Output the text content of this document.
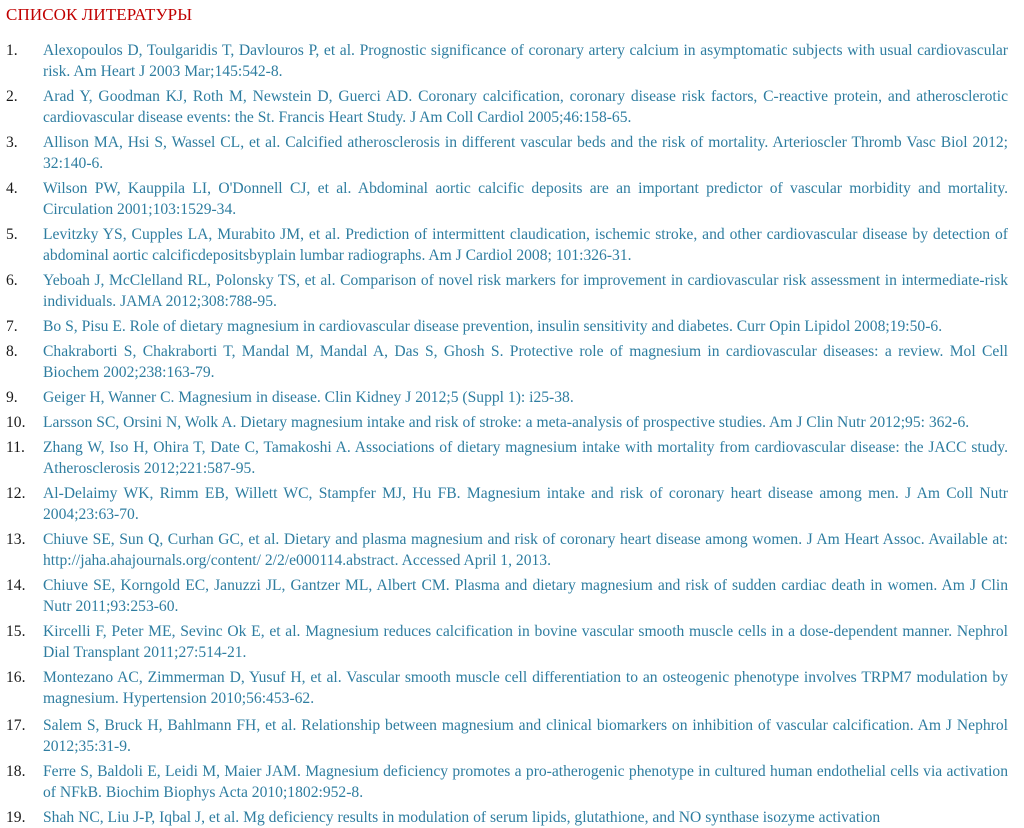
СПИСОК ЛИТЕРАТУРЫ
1.	Alexopoulos D, Toulgaridis T, Davlouros P, et al. Prognostic significance of coronary artery calcium in asymptomatic subjects with usual cardiovascular risk. Am Heart J 2003 Mar;145:542-8.
2.	Arad Y, Goodman KJ, Roth M, Newstein D, Guerci AD. Coronary calcification, coronary disease risk factors, C-reactive protein, and atherosclerotic cardiovascular disease events: the St. Francis Heart Study. J Am Coll Cardiol 2005;46:158-65.
3.	Allison MA, Hsi S, Wassel CL, et al. Calcified atherosclerosis in different vascular beds and the risk of mortality. Arterioscler Thromb Vasc Biol 2012; 32:140-6.
4.	Wilson PW, Kauppila LI, O'Donnell CJ, et al. Abdominal aortic calcific deposits are an important predictor of vascular morbidity and mortality. Circulation 2001;103:1529-34.
5.	Levitzky YS, Cupples LA, Murabito JM, et al. Prediction of intermittent claudication, ischemic stroke, and other cardiovascular disease by detection of abdominal aortic calcificdepositsbyplain lumbar radiographs. Am J Cardiol 2008; 101:326-31.
6.	Yeboah J, McClelland RL, Polonsky TS, et al. Comparison of novel risk markers for improvement in cardiovascular risk assessment in intermediate-risk individuals. JAMA 2012;308:788-95.
7.	Bo S, Pisu E. Role of dietary magnesium in cardiovascular disease prevention, insulin sensitivity and diabetes. Curr Opin Lipidol 2008;19:50-6.
8.	Chakraborti S, Chakraborti T, Mandal M, Mandal A, Das S, Ghosh S. Protective role of magnesium in cardiovascular diseases: a review. Mol Cell Biochem 2002;238:163-79.
9.	Geiger H, Wanner C. Magnesium in disease. Clin Kidney J 2012;5 (Suppl 1): i25-38.
10.	Larsson SC, Orsini N, Wolk A. Dietary magnesium intake and risk of stroke: a meta-analysis of prospective studies. Am J Clin Nutr 2012;95: 362-6.
11.	Zhang W, Iso H, Ohira T, Date C, Tamakoshi A. Associations of dietary magnesium intake with mortality from cardiovascular disease: the JACC study. Atherosclerosis 2012;221:587-95.
12.	Al-Delaimy WK, Rimm EB, Willett WC, Stampfer MJ, Hu FB. Magnesium intake and risk of coronary heart disease among men. J Am Coll Nutr 2004;23:63-70.
13.	Chiuve SE, Sun Q, Curhan GC, et al. Dietary and plasma magnesium and risk of coronary heart disease among women. J Am Heart Assoc. Available at: http://jaha.ahajournals.org/content/ 2/2/e000114.abstract. Accessed April 1, 2013.
14.	Chiuve SE, Korngold EC, Januzzi JL, Gantzer ML, Albert CM. Plasma and dietary magnesium and risk of sudden cardiac death in women. Am J Clin Nutr 2011;93:253-60.
15.	Kircelli F, Peter ME, Sevinc Ok E, et al. Magnesium reduces calcification in bovine vascular smooth muscle cells in a dose-dependent manner. Nephrol Dial Transplant 2011;27:514-21.
16.	Montezano AC, Zimmerman D, Yusuf H, et al. Vascular smooth muscle cell differentiation to an osteogenic phenotype involves TRPM7 modulation by magnesium. Hypertension 2010;56:453-62.
17.	Salem S, Bruck H, Bahlmann FH, et al. Relationship between magnesium and clinical biomarkers on inhibition of vascular calcification. Am J Nephrol 2012;35:31-9.
18.	Ferre S, Baldoli E, Leidi M, Maier JAM. Magnesium deficiency promotes a pro-atherogenic phenotype in cultured human endothelial cells via activation of NFkB. Biochim Biophys Acta 2010;1802:952-8.
19.	Shah NC, Liu J-P, Iqbal J, et al. Mg deficiency results in modulation of serum lipids, glutathione, and NO synthase isozyme activation
